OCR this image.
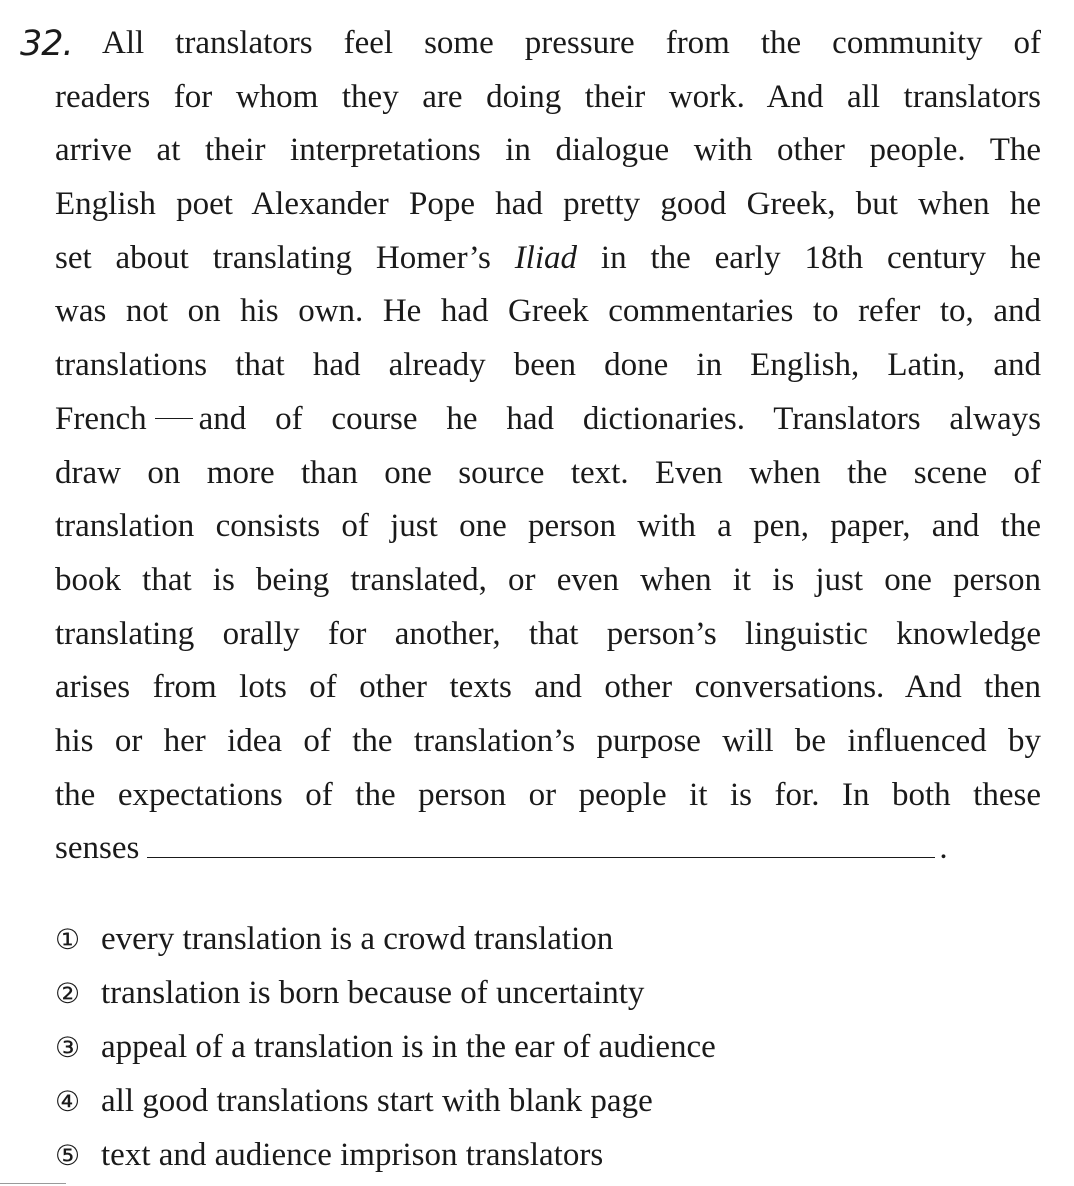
32. All translators feel some pressure from the community of
readers for whom they are doing their work. And all translators
arrive at their interpretations in dialogue with other people. The
English poet Alexander Pope had pretty good Greek, but when he
set about translating Homer’s Iliad in the early 18th century he
was not on his own. He had Greek commentaries to refer to, and
translations that had already been done in English, Latin, and
French and of course he had dictionaries. Translators always
draw on more than one source text. Even when the scene of
translation consists of just one person with a pen, paper, and the
book that is being translated, or even when it is just one person
translating orally for another, that person’s linguistic knowledge
arises from lots of other texts and other conversations. And then
his or her idea of the translation’s purpose will be influenced by
the expectations of the person or people it is for. In both these
senses	.
① every translation is a crowd translation
② translation is born because of uncertainty
③ appeal of a translation is in the ear of audience
④ all good translations start with blank page
⑤ text and audience imprison translators
